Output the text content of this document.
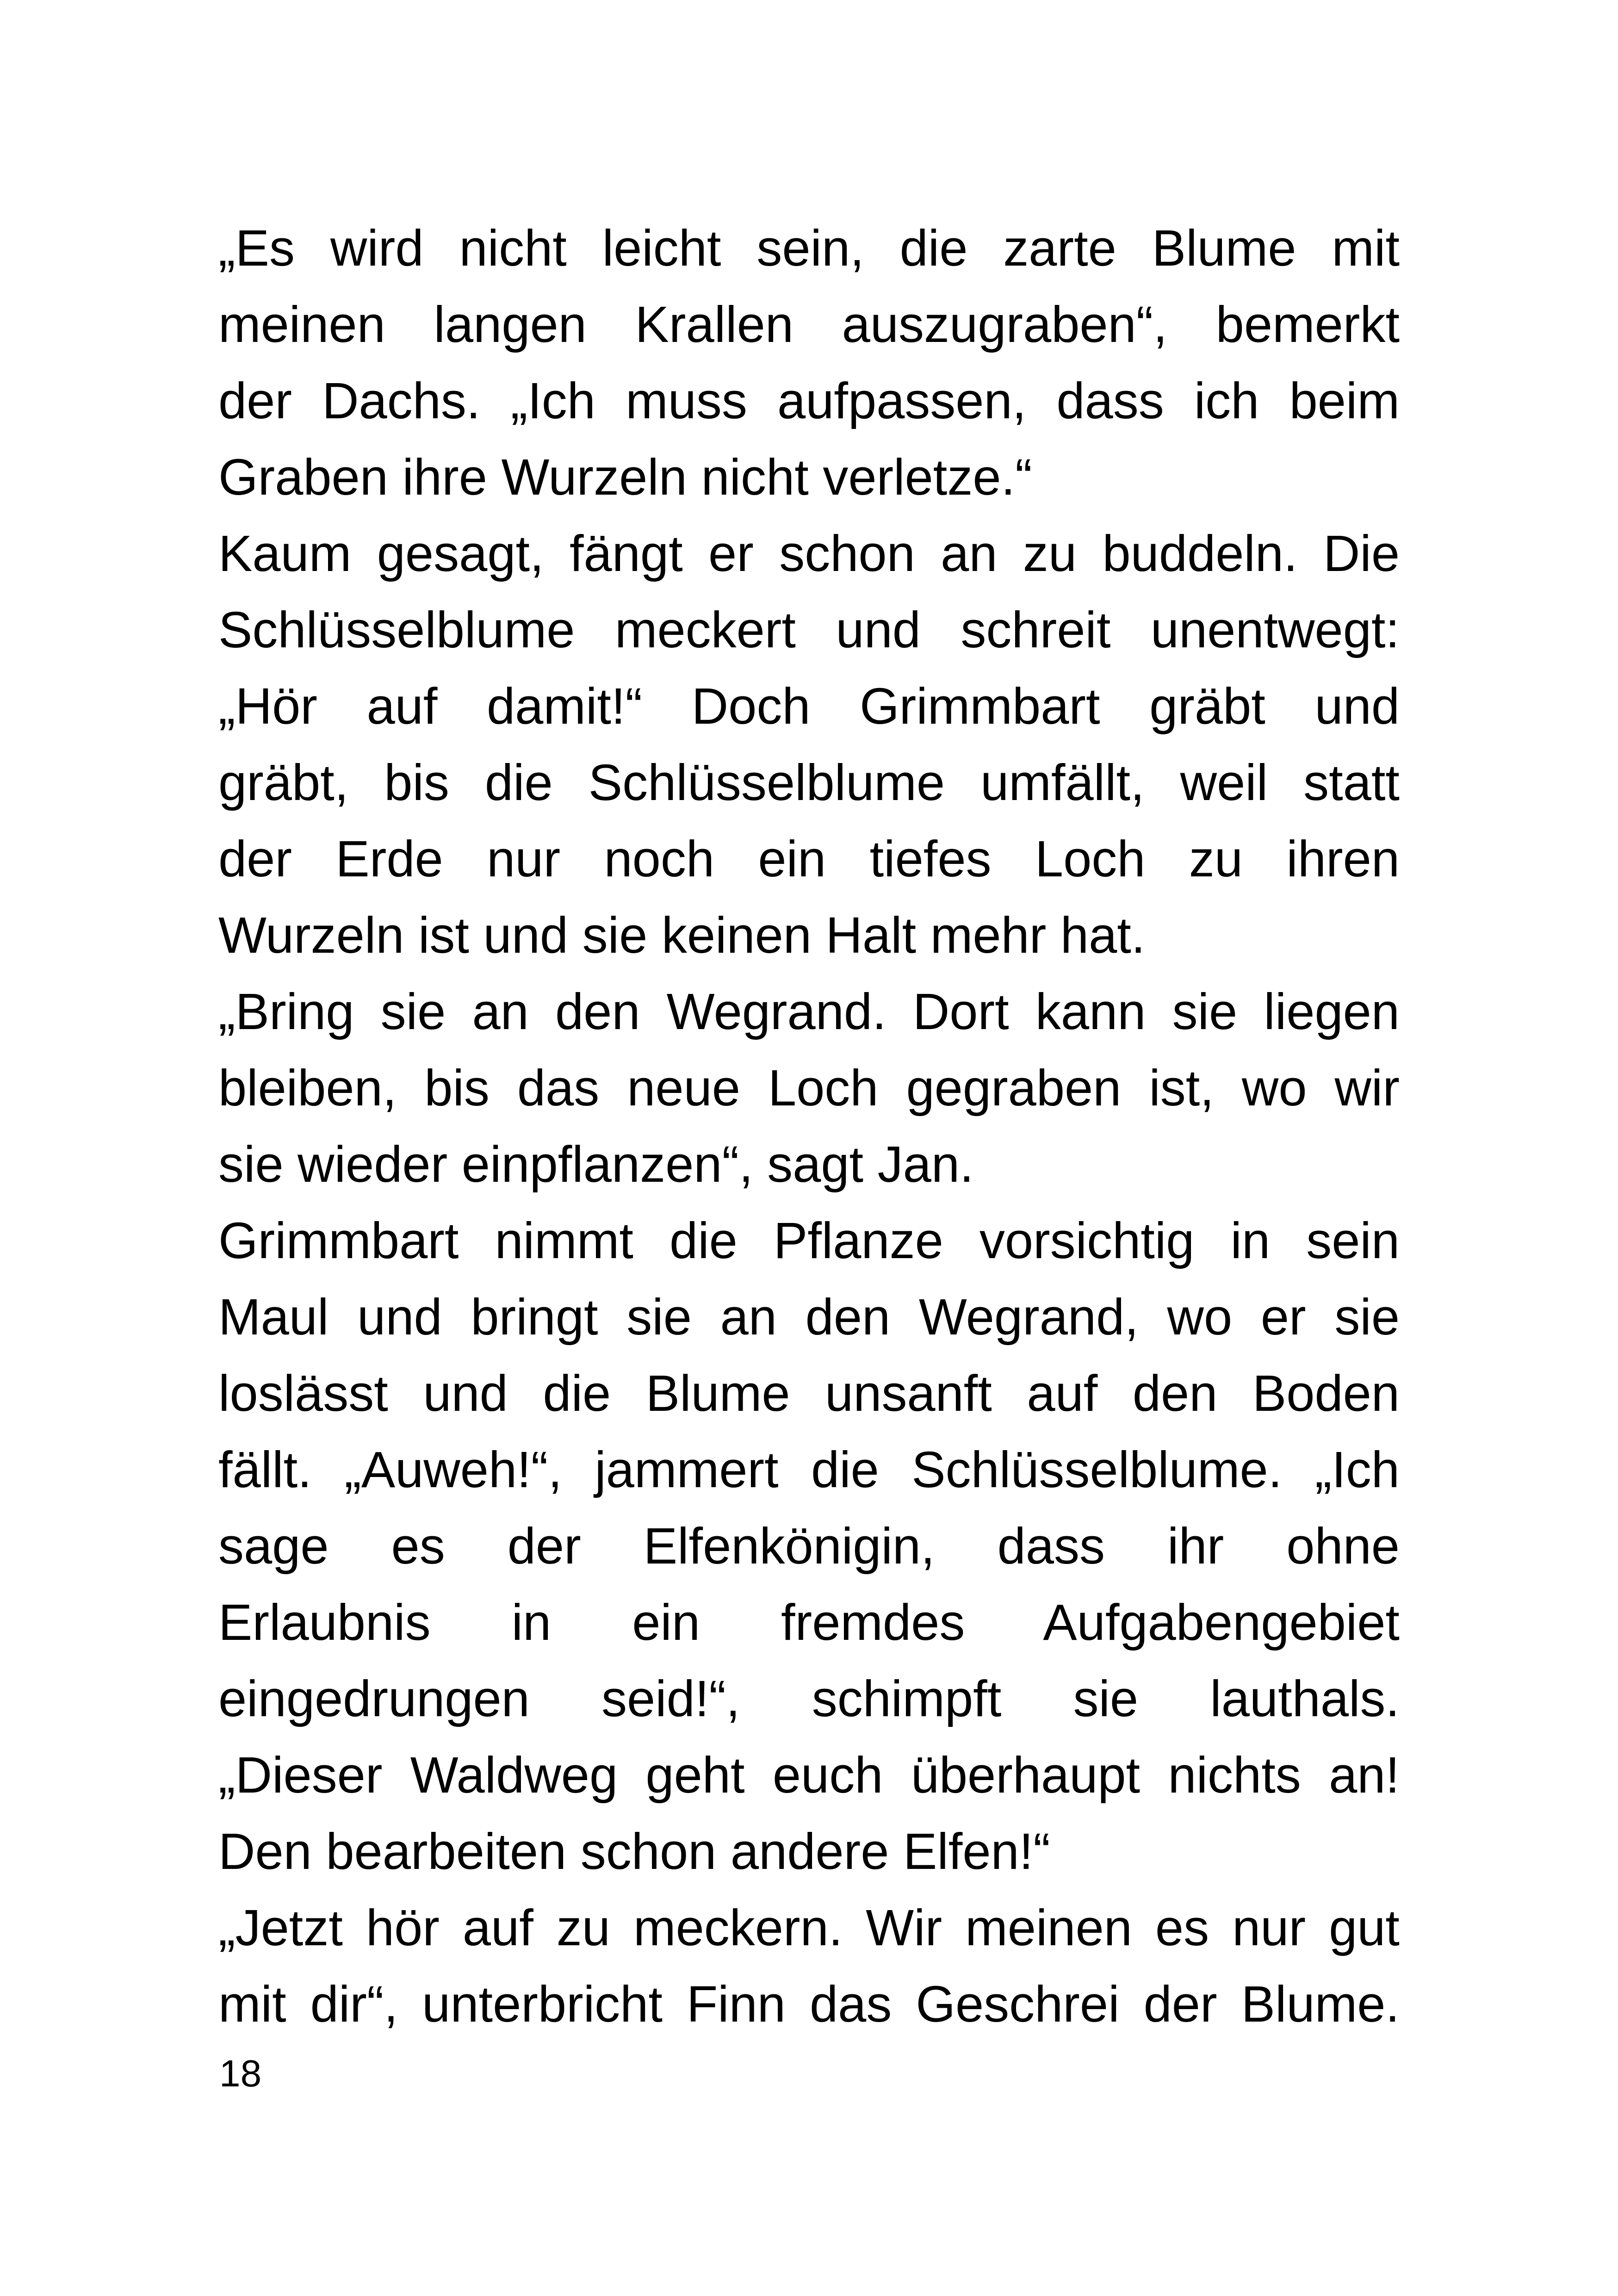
„Es wird nicht leicht sein, die zarte Blume mit
meinen langen Krallen auszugraben“, bemerkt
der Dachs. „Ich muss aufpassen, dass ich beim
Graben ihre Wurzeln nicht verletze.“
Kaum gesagt, fängt er schon an zu buddeln. Die
Schlüsselblume meckert und schreit unentwegt:
„Hör auf damit!“ Doch Grimmbart gräbt und
gräbt, bis die Schlüsselblume umfällt, weil statt
der Erde nur noch ein tiefes Loch zu ihren
Wurzeln ist und sie keinen Halt mehr hat.
„Bring sie an den Wegrand. Dort kann sie liegen
bleiben, bis das neue Loch gegraben ist, wo wir
sie wieder einpflanzen“, sagt Jan.
Grimmbart nimmt die Pflanze vorsichtig in sein
Maul und bringt sie an den Wegrand, wo er sie
loslässt und die Blume unsanft auf den Boden
fällt. „Auweh!“, jammert die Schlüsselblume. „Ich
sage es der Elfenkönigin, dass ihr ohne
Erlaubnis in ein fremdes Aufgabengebiet
eingedrungen seid!“, schimpft sie lauthals.
„Dieser Waldweg geht euch überhaupt nichts an!
Den bearbeiten schon andere Elfen!“
„Jetzt hör auf zu meckern. Wir meinen es nur gut
mit dir“, unterbricht Finn das Geschrei der Blume.
18
